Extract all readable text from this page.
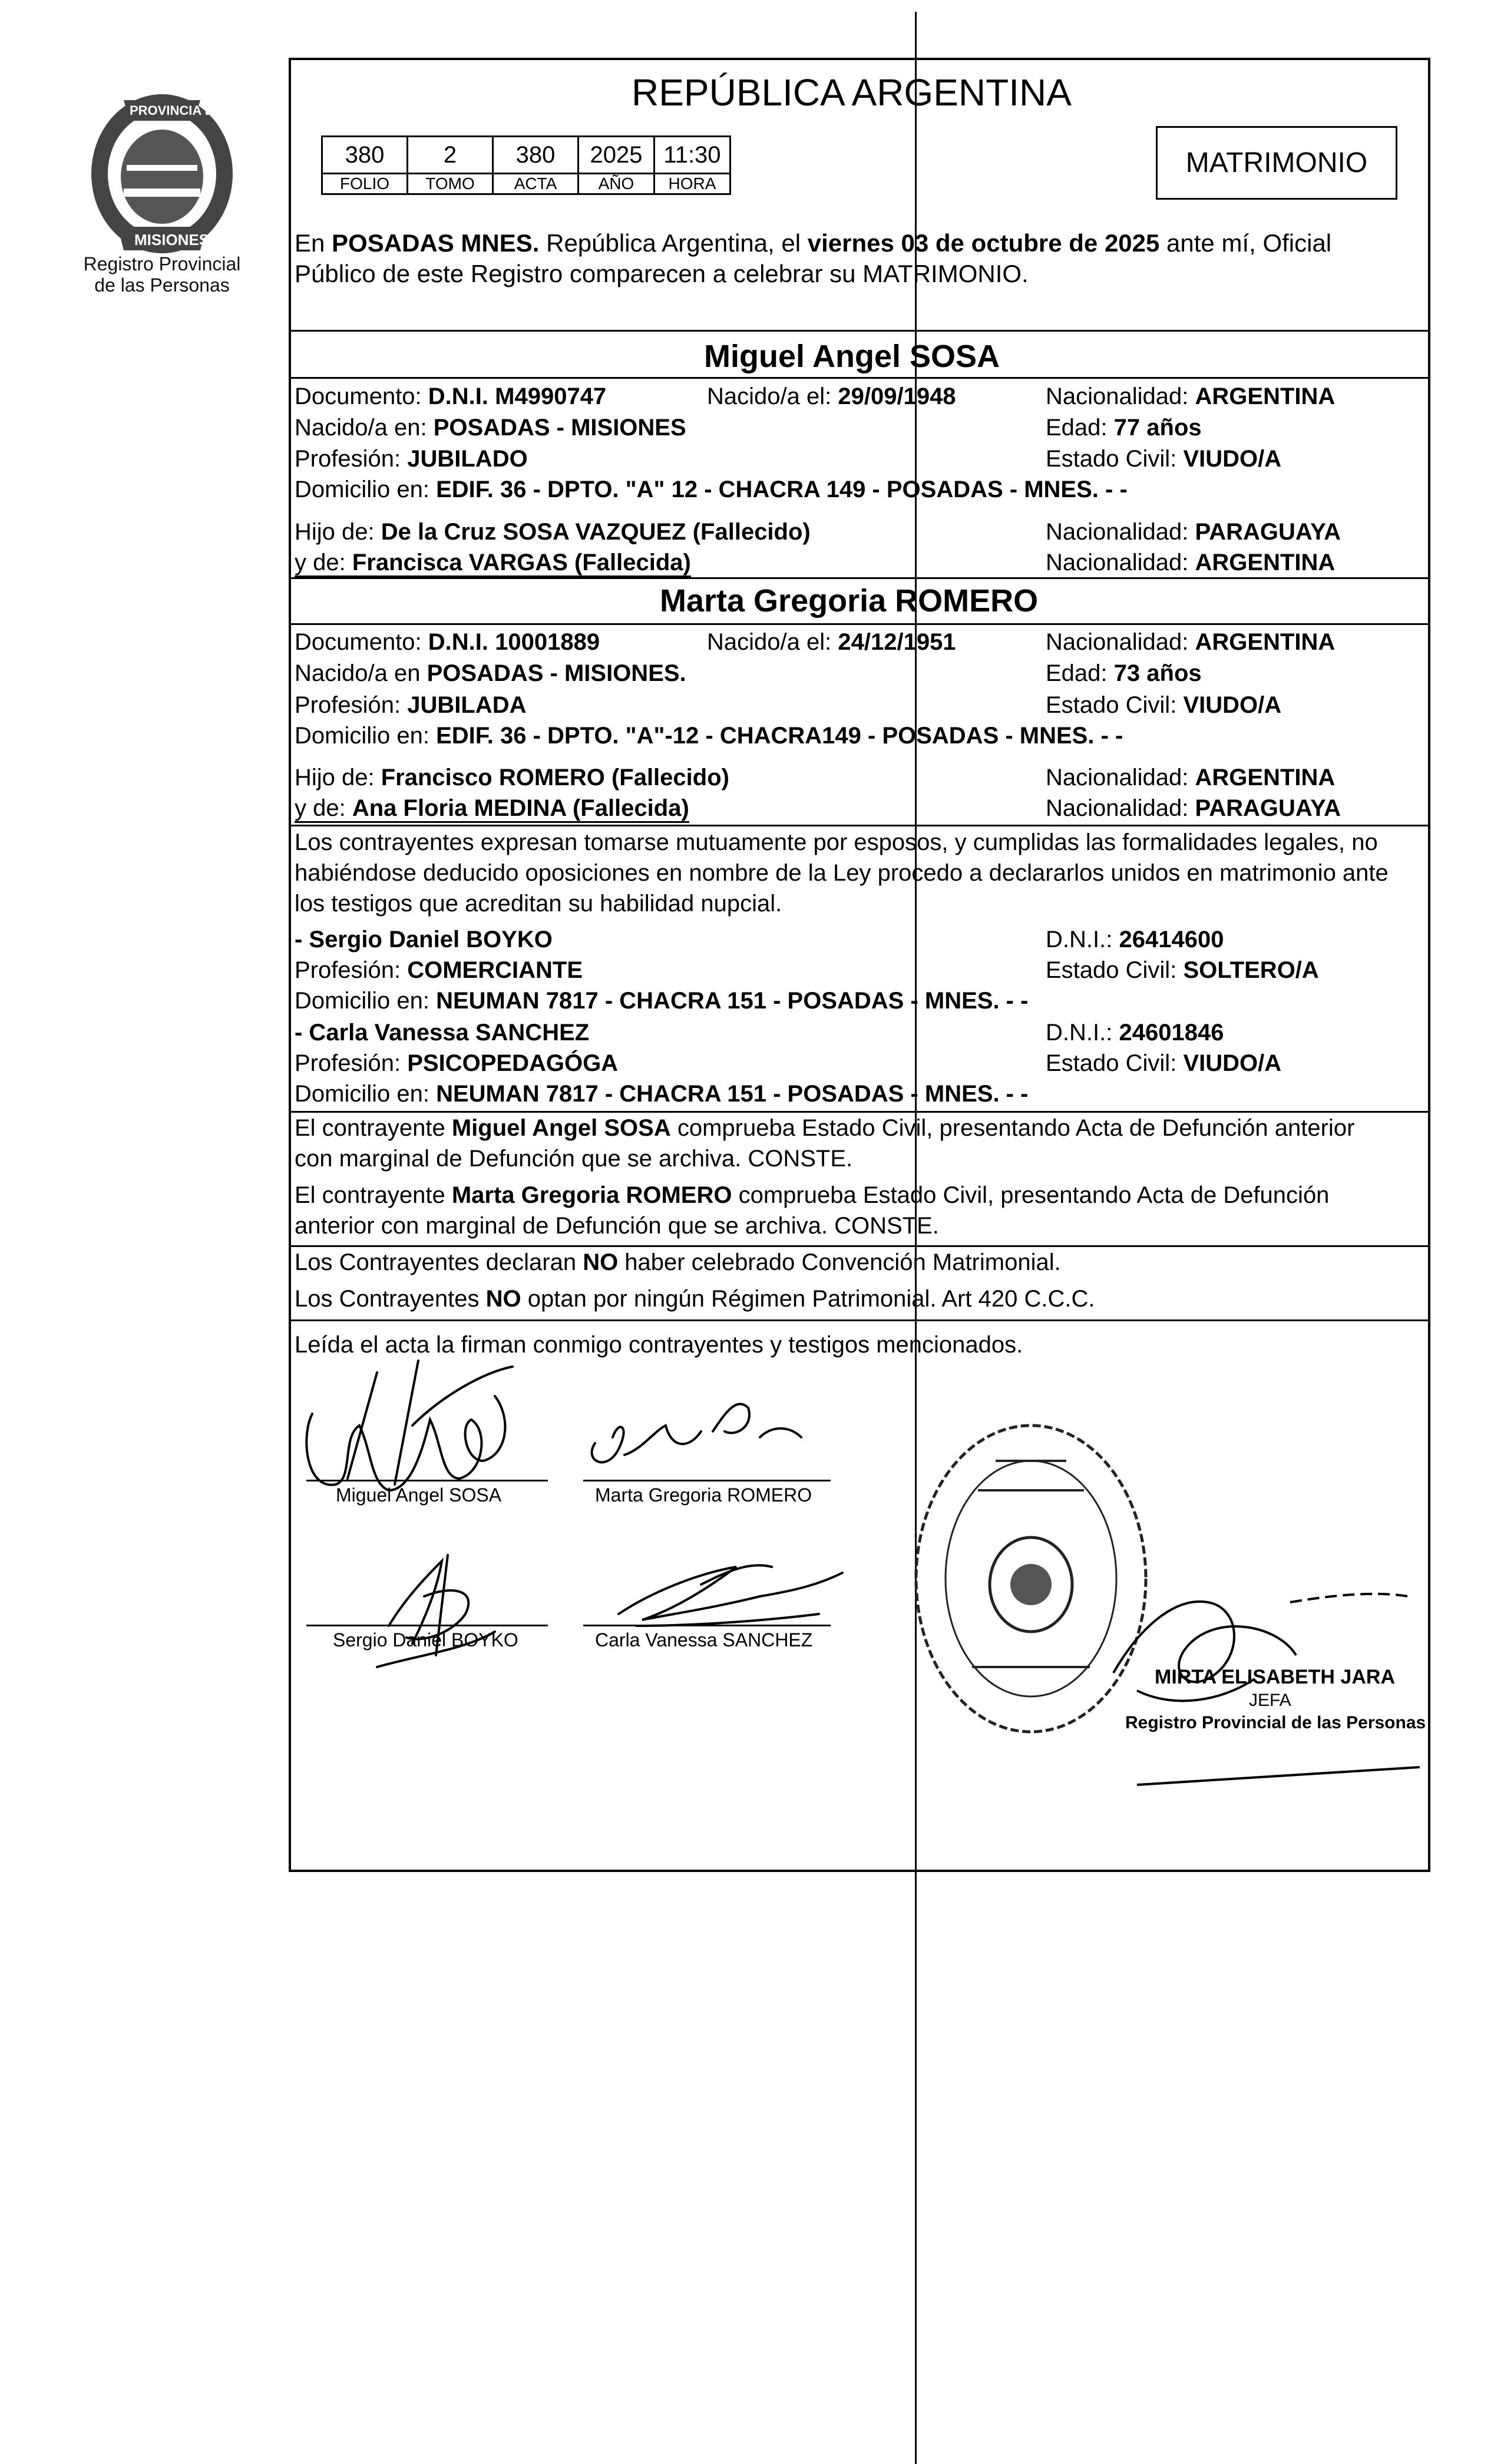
PROVINCIA DE
MISIONES
Registro Provincial de las Personas
REPÚBLICA ARGENTINA
380	2	380	2025	11:30
FOLIO	TOMO	ACTA	AÑO	HORA
MATRIMONIO
En POSADAS MNES. República Argentina, el viernes 03 de octubre de 2025 ante mí, Oficial
Público de este Registro comparecen a celebrar su MATRIMONIO.
Miguel Angel SOSA
Documento: D.N.I. M4990747	Nacido/a el: 29/09/1948	Nacionalidad: ARGENTINA
Nacido/a en: POSADAS - MISIONES	Edad: 77 años
Profesión: JUBILADO	Estado Civil: VIUDO/A
Domicilio en: EDIF. 36 - DPTO. "A" 12 - CHACRA 149 - POSADAS - MNES. - -
Hijo de: De la Cruz SOSA VAZQUEZ (Fallecido)	Nacionalidad: PARAGUAYA
y de: Francisca VARGAS (Fallecida)	Nacionalidad: ARGENTINA
Marta Gregoria ROMERO
Documento: D.N.I. 10001889	Nacido/a el: 24/12/1951	Nacionalidad: ARGENTINA
Nacido/a en POSADAS - MISIONES.	Edad: 73 años
Profesión: JUBILADA	Estado Civil: VIUDO/A
Domicilio en: EDIF. 36 - DPTO. "A"-12 - CHACRA149 - POSADAS - MNES. - -
Hijo de: Francisco ROMERO (Fallecido)	Nacionalidad: ARGENTINA
y de: Ana Floria MEDINA (Fallecida)	Nacionalidad: PARAGUAYA
Los contrayentes expresan tomarse mutuamente por esposos, y cumplidas las formalidades legales, no
habiéndose deducido oposiciones en nombre de la Ley procedo a declararlos unidos en matrimonio ante
los testigos que acreditan su habilidad nupcial.
- Sergio Daniel BOYKO	D.N.I.: 26414600
Profesión: COMERCIANTE	Estado Civil: SOLTERO/A
Domicilio en: NEUMAN 7817 - CHACRA 151 - POSADAS - MNES. - -
- Carla Vanessa SANCHEZ	D.N.I.: 24601846
Profesión: PSICOPEDAGÓGA	Estado Civil: VIUDO/A
Domicilio en: NEUMAN 7817 - CHACRA 151 - POSADAS - MNES. - -
El contrayente Miguel Angel SOSA comprueba Estado Civil, presentando Acta de Defunción anterior
con marginal de Defunción que se archiva. CONSTE.
El contrayente Marta Gregoria ROMERO comprueba Estado Civil, presentando Acta de Defunción
anterior con marginal de Defunción que se archiva. CONSTE.
Los Contrayentes declaran NO haber celebrado Convención Matrimonial.
Los Contrayentes NO optan por ningún Régimen Patrimonial. Art 420 C.C.C.
Leída el acta la firman conmigo contrayentes y testigos mencionados.
Miguel Angel SOSA	Marta Gregoria ROMERO
Sergio Daniel BOYKO	Carla Vanessa SANCHEZ
MIRTA ELISABETH JARA
JEFA
Registro Provincial de las Personas
